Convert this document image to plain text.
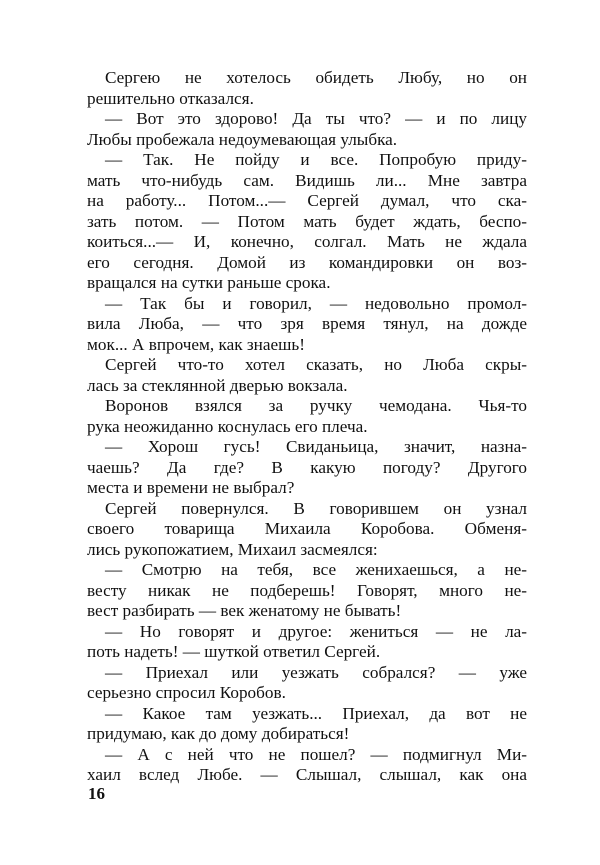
Сергею не хотелось обидеть Любу, но он
решительно отказался.
— Вот это здорово! Да ты что? — и по лицу
Любы пробежала недоумевающая улыбка.
— Так. Не пойду и все. Попробую приду-
мать что-нибудь сам. Видишь ли... Мне завтра
на работу... Потом...— Сергей думал, что ска-
зать потом. — Потом мать будет ждать, беспо-
коиться...— И, конечно, солгал. Мать не ждала
его сегодня. Домой из командировки он воз-
вращался на сутки раньше срока.
— Так бы и говорил, — недовольно промол-
вила Люба, — что зря время тянул, на дожде
мок... А впрочем, как знаешь!
Сергей что-то хотел сказать, но Люба скры-
лась за стеклянной дверью вокзала.
Воронов взялся за ручку чемодана. Чья-то
рука неожиданно коснулась его плеча.
— Хорош гусь! Свиданьица, значит, назна-
чаешь? Да где? В какую погоду? Другого
места и времени не выбрал?
Сергей повернулся. В говорившем он узнал
своего товарища Михаила Коробова. Обменя-
лись рукопожатием, Михаил засмеялся:
— Смотрю на тебя, все женихаешься, а не-
весту никак не подберешь! Говорят, много не-
вест разбирать — век женатому не бывать!
— Но говорят и другое: жениться — не ла-
поть надеть! — шуткой ответил Сергей.
— Приехал или уезжать собрался? — уже
серьезно спросил Коробов.
— Какое там уезжать... Приехал, да вот не
придумаю, как до дому добираться!
— А с ней что не пошел? — подмигнул Ми-
хаил вслед Любе. — Слышал, слышал, как она
16
